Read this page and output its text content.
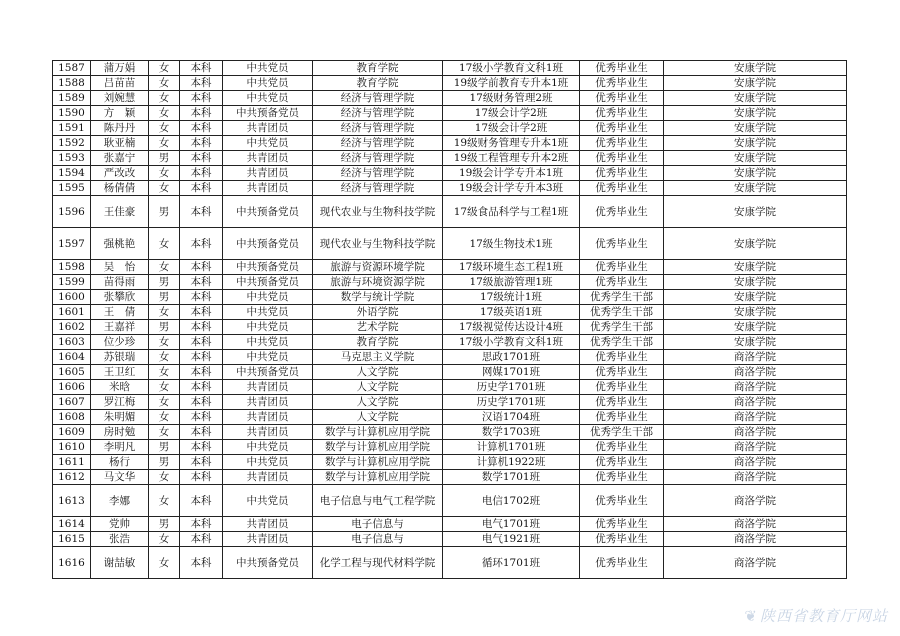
1587	蒲万娟	女	本科	中共党员	教育学院	17级小学教育文科1班	优秀毕业生	安康学院
1588	吕苗苗	女	本科	中共党员	教育学院	19级学前教育专升本1班	优秀毕业生	安康学院
1589	刘婉慧	女	本科	中共党员	经济与管理学院	17级财务管理2班	优秀毕业生	安康学院
1590	方　颖	女	本科	中共预备党员	经济与管理学院	17级会计学2班	优秀毕业生	安康学院
1591	陈丹丹	女	本科	共青团员	经济与管理学院	17级会计学2班	优秀毕业生	安康学院
1592	耿亚楠	女	本科	中共党员	经济与管理学院	19级财务管理专升本1班	优秀毕业生	安康学院
1593	张嘉宁	男	本科	共青团员	经济与管理学院	19级工程管理专升本2班	优秀毕业生	安康学院
1594	严改改	女	本科	共青团员	经济与管理学院	19级会计学专升本1班	优秀毕业生	安康学院
1595	杨倩倩	女	本科	共青团员	经济与管理学院	19级会计学专升本3班	优秀毕业生	安康学院
1596	王佳豪	男	本科	中共预备党员	现代农业与生物科技学院	17级食品科学与工程1班	优秀毕业生	安康学院
1597	强桃艳	女	本科	中共预备党员	现代农业与生物科技学院	17级生物技术1班	优秀毕业生	安康学院
1598	吴　怡	女	本科	中共预备党员	旅游与资源环境学院	17级环境生态工程1班	优秀毕业生	安康学院
1599	苗得雨	男	本科	中共预备党员	旅游与环境资源学院	17级旅游管理1班	优秀毕业生	安康学院
1600	张攀欣	男	本科	中共党员	数学与统计学院	17级统计1班	优秀学生干部	安康学院
1601	王　倩	女	本科	中共党员	外语学院	17级英语1班	优秀学生干部	安康学院
1602	王嘉祥	男	本科	中共党员	艺术学院	17级视觉传达设计4班	优秀学生干部	安康学院
1603	位少珍	女	本科	中共党员	教育学院	17级小学教育文科1班	优秀学生干部	安康学院
1604	苏银瑞	女	本科	中共党员	马克思主义学院	思政1701班	优秀毕业生	商洛学院
1605	王卫红	女	本科	中共预备党员	人文学院	网媒1701班	优秀毕业生	商洛学院
1606	米晗	女	本科	共青团员	人文学院	历史学1701班	优秀毕业生	商洛学院
1607	罗江梅	女	本科	共青团员	人文学院	历史学1701班	优秀毕业生	商洛学院
1608	朱明媚	女	本科	共青团员	人文学院	汉语1704班	优秀毕业生	商洛学院
1609	房时勉	女	本科	共青团员	数学与计算机应用学院	数学1703班	优秀学生干部	商洛学院
1610	李明凡	男	本科	中共党员	数学与计算机应用学院	计算机1701班	优秀毕业生	商洛学院
1611	杨行	男	本科	中共党员	数学与计算机应用学院	计算机1922班	优秀毕业生	商洛学院
1612	马文华	女	本科	共青团员	数学与计算机应用学院	数学1701班	优秀毕业生	商洛学院
1613	李娜	女	本科	中共党员	电子信息与电气工程学院	电信1702班	优秀毕业生	商洛学院
1614	党帅	男	本科	共青团员	电子信息与	电气1701班	优秀毕业生	商洛学院
1615	张浩	女	本科	共青团员	电子信息与	电气1921班	优秀毕业生	商洛学院
1616	谢喆敏	女	本科	中共预备党员	化学工程与现代材料学院	循环1701班	优秀毕业生	商洛学院
❦ 陕西省教育厅网站
